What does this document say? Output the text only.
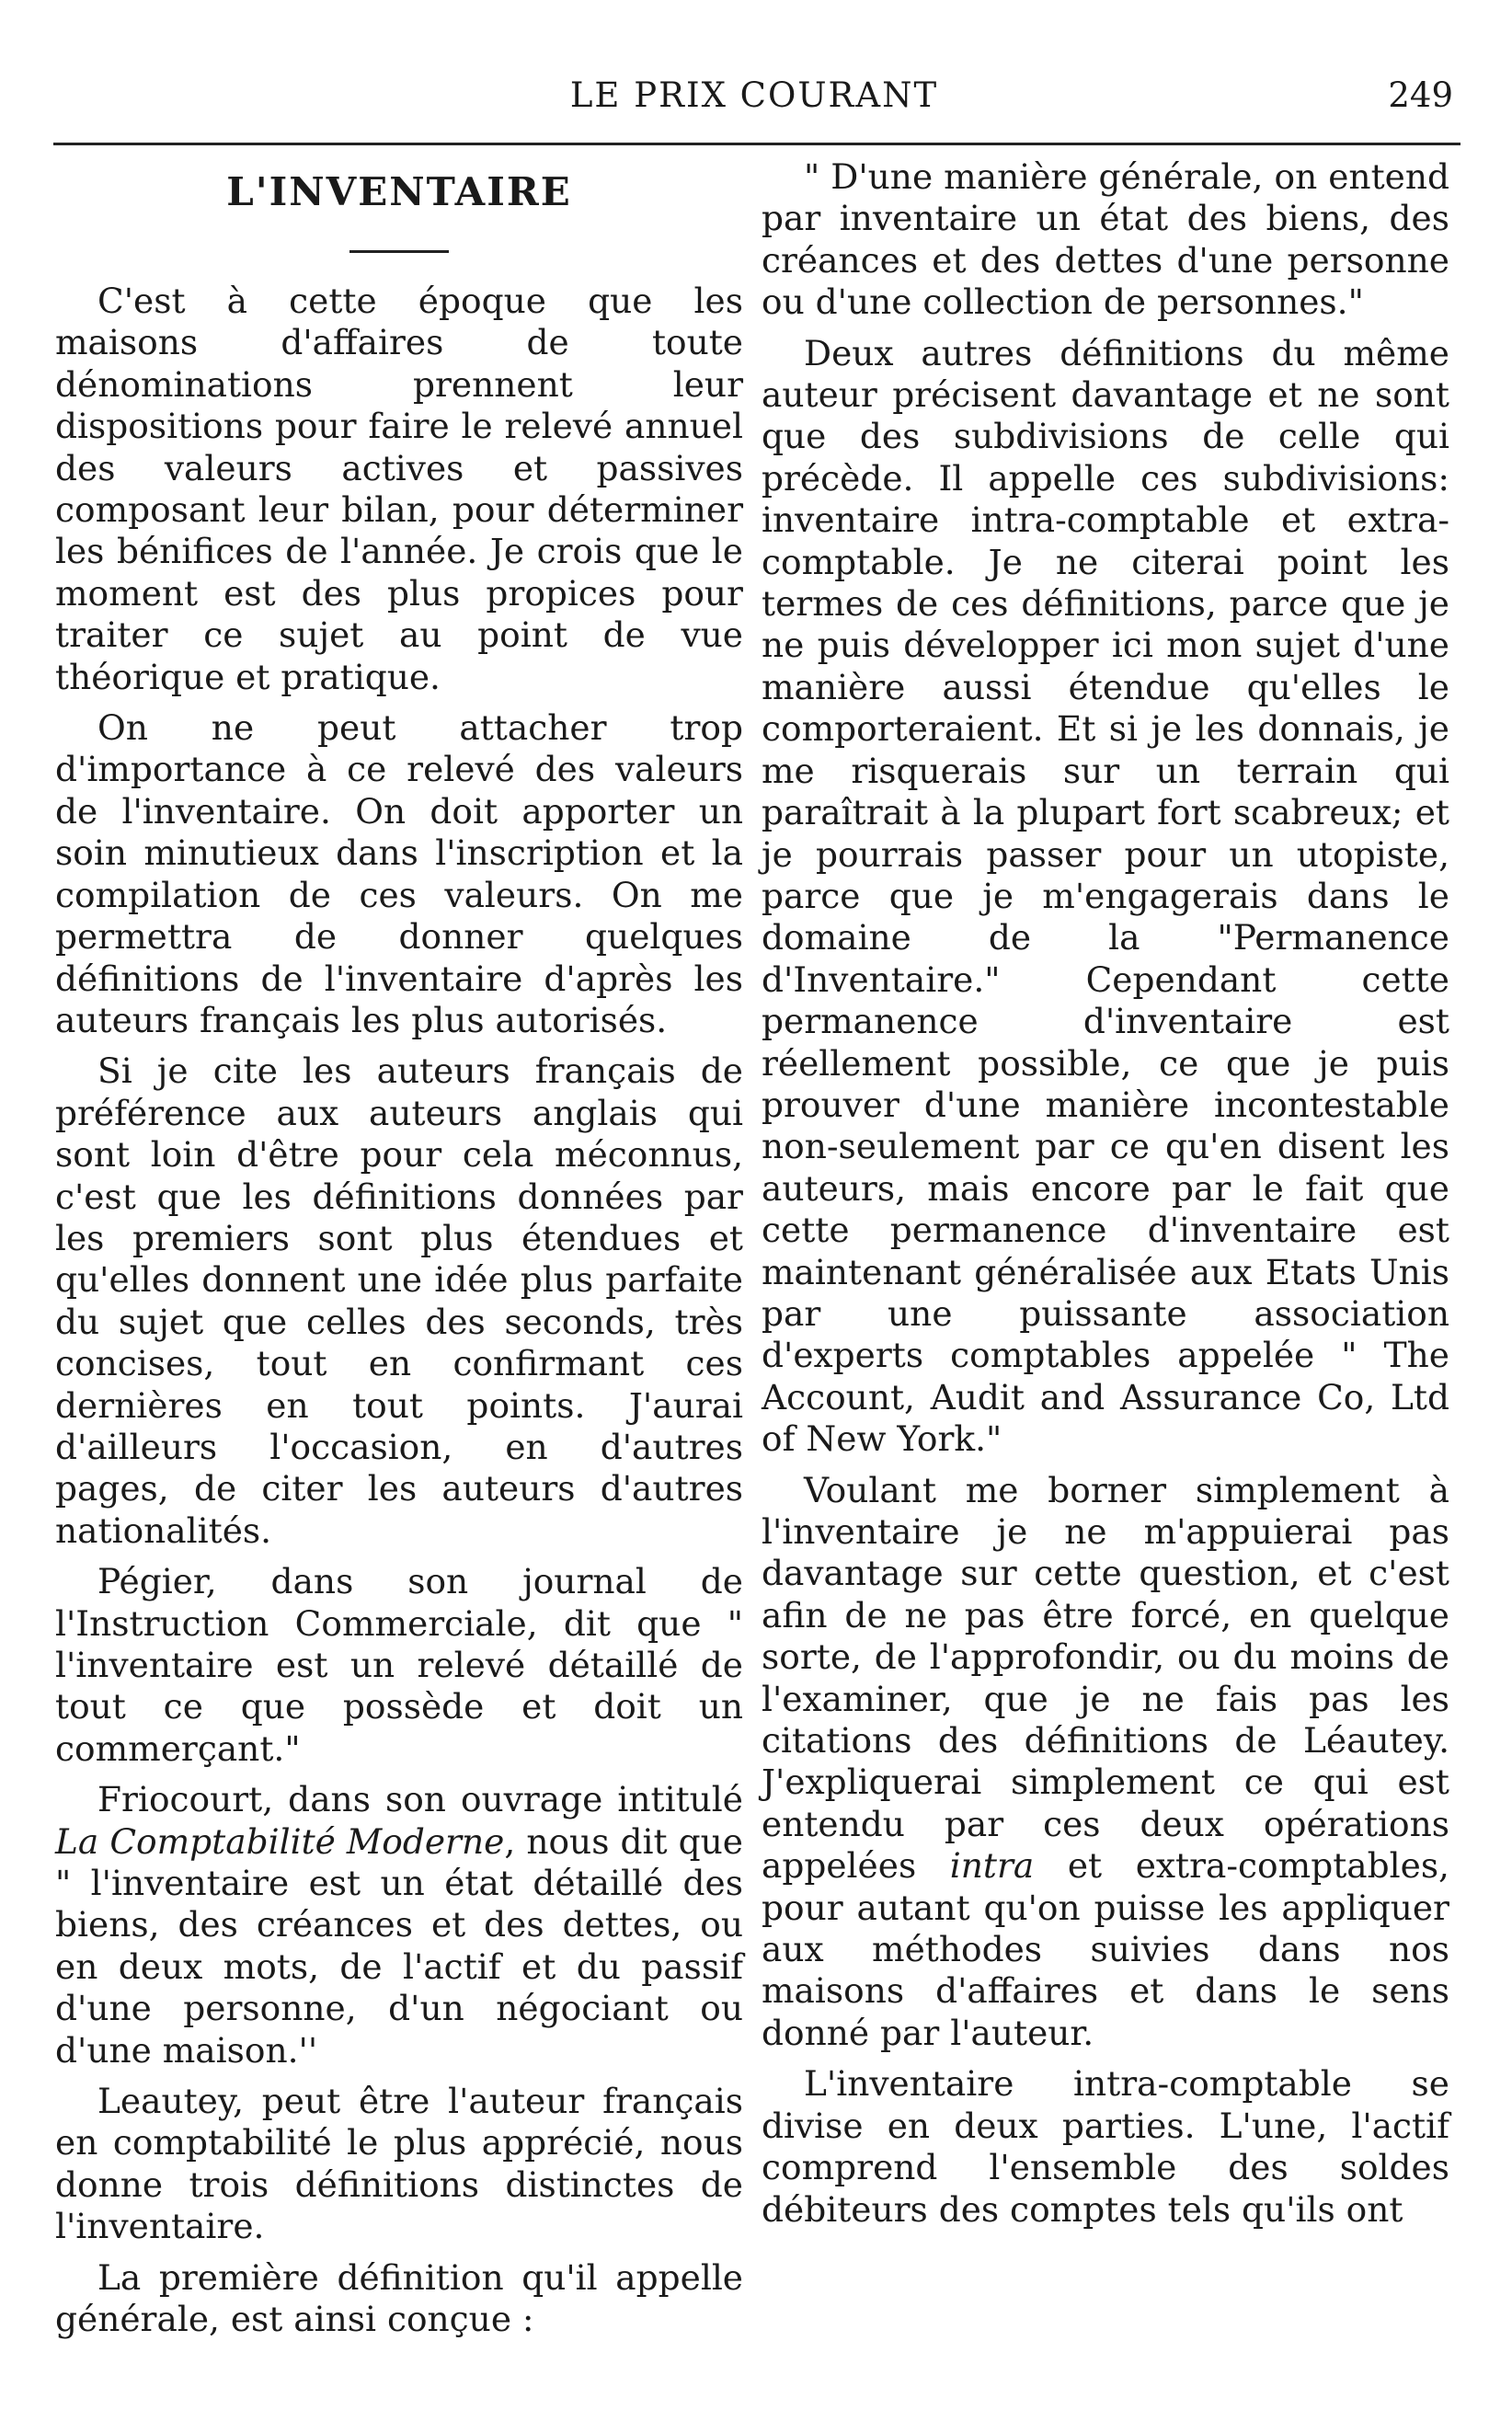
LE PRIX COURANT	249
L'INVENTAIRE

C'est à cette époque que les maisons d'affaires de toute dénominations prennent leur dispositions pour faire le relevé annuel des valeurs actives et passives composant leur bilan, pour déterminer les bénifices de l'année. Je crois que le moment est des plus propices pour traiter ce sujet au point de vue théorique et pratique.

On ne peut attacher trop d'importance à ce relevé des valeurs de l'inventaire. On doit apporter un soin minutieux dans l'inscription et la compilation de ces valeurs. On me permettra de donner quelques définitions de l'inventaire d'après les auteurs français les plus autorisés.

Si je cite les auteurs français de préférence aux auteurs anglais qui sont loin d'être pour cela méconnus, c'est que les définitions données par les premiers sont plus étendues et qu'elles donnent une idée plus parfaite du sujet que celles des seconds, très concises, tout en confirmant ces dernières en tout points. J'aurai d'ailleurs l'occasion, en d'autres pages, de citer les auteurs d'autres nationalités.

Pégier, dans son journal de l'Instruction Commerciale, dit que " l'inventaire est un relevé détaillé de tout ce que possède et doit un commerçant."

Friocourt, dans son ouvrage intitulé La Comptabilité Moderne, nous dit que " l'inventaire est un état détaillé des biens, des créances et des dettes, ou en deux mots, de l'actif et du passif d'une personne, d'un négociant ou d'une maison.''

Leautey, peut être l'auteur français en comptabilité le plus apprécié, nous donne trois définitions distinctes de l'inventaire.

La première définition qu'il appelle générale, est ainsi conçue :

" D'une manière générale, on entend par inventaire un état des biens, des créances et des dettes d'une personne ou d'une collection de personnes."

Deux autres définitions du même auteur précisent davantage et ne sont que des subdivisions de celle qui précède. Il appelle ces subdivisions: inventaire intra-comptable et extra-comptable. Je ne citerai point les termes de ces définitions, parce que je ne puis développer ici mon sujet d'une manière aussi étendue qu'elles le comporteraient. Et si je les donnais, je me risquerais sur un terrain qui paraîtrait à la plupart fort scabreux; et je pourrais passer pour un utopiste, parce que je m'engagerais dans le domaine de la "Permanence d'Inventaire." Cependant cette permanence d'inventaire est réellement possible, ce que je puis prouver d'une manière incontestable non-seulement par ce qu'en disent les auteurs, mais encore par le fait que cette permanence d'inventaire est maintenant généralisée aux Etats Unis par une puissante association d'experts comptables appelée " The Account, Audit and Assurance Co, Ltd of New York."

Voulant me borner simplement à l'inventaire je ne m'appuierai pas davantage sur cette question, et c'est afin de ne pas être forcé, en quelque sorte, de l'approfondir, ou du moins de l'examiner, que je ne fais pas les citations des définitions de Léautey. J'expliquerai simplement ce qui est entendu par ces deux opérations appelées intra et extra-comptables, pour autant qu'on puisse les appliquer aux méthodes suivies dans nos maisons d'affaires et dans le sens donné par l'auteur.

L'inventaire intra-comptable se divise en deux parties. L'une, l'actif comprend l'ensemble des soldes débiteurs des comptes tels qu'ils ont
